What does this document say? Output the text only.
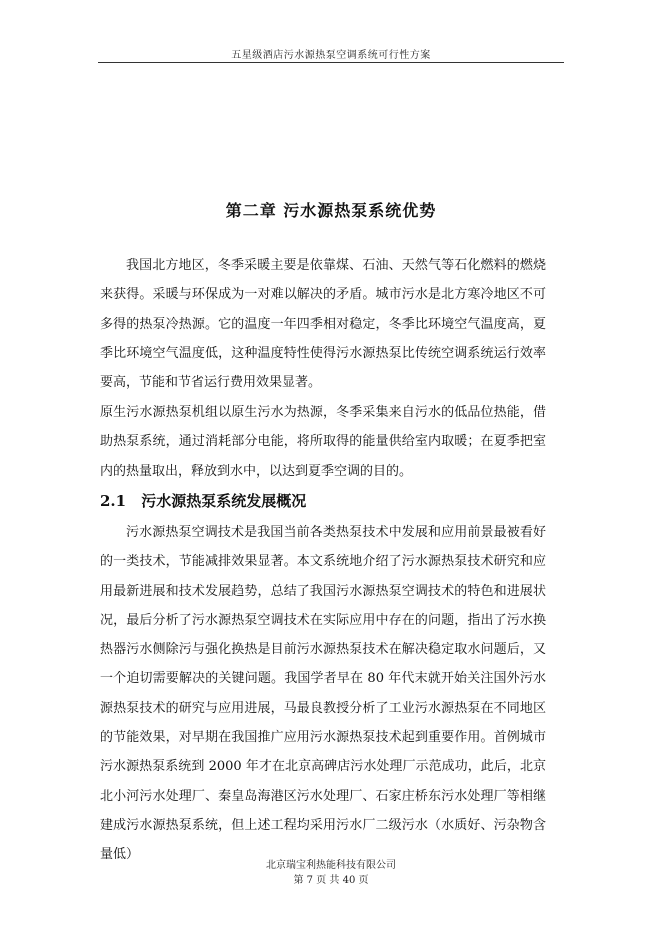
五星级酒店污水源热泵空调系统可行性方案
第二章 污水源热泵系统优势

我国北方地区，冬季采暖主要是依靠煤、石油、天然气等石化燃料的燃烧来获得。采暖与环保成为一对难以解决的矛盾。城市污水是北方寒冷地区不可多得的热泵冷热源。它的温度一年四季相对稳定，冬季比环境空气温度高，夏季比环境空气温度低，这种温度特性使得污水源热泵比传统空调系统运行效率要高，节能和节省运行费用效果显著。

原生污水源热泵机组以原生污水为热源，冬季采集来自污水的低品位热能，借助热泵系统，通过消耗部分电能，将所取得的能量供给室内取暖；在夏季把室内的热量取出，释放到水中，以达到夏季空调的目的。

2.1 污水源热泵系统发展概况

污水源热泵空调技术是我国当前各类热泵技术中发展和应用前景最被看好的一类技术，节能减排效果显著。本文系统地介绍了污水源热泵技术研究和应用最新进展和技术发展趋势，总结了我国污水源热泵空调技术的特色和进展状况，最后分析了污水源热泵空调技术在实际应用中存在的问题，指出了污水换热器污水侧除污与强化换热是目前污水源热泵技术在解决稳定取水问题后，又一个迫切需要解决的关键问题。我国学者早在 80 年代末就开始关注国外污水源热泵技术的研究与应用进展，马最良教授分析了工业污水源热泵在不同地区的节能效果，对早期在我国推广应用污水源热泵技术起到重要作用。首例城市污水源热泵系统到 2000 年才在北京高碑店污水处理厂示范成功，此后，北京北小河污水处理厂、秦皇岛海港区污水处理厂、石家庄桥东污水处理厂等相继建成污水源热泵系统，但上述工程均采用污水厂二级污水（水质好、污杂物含量低）

北京瑞宝利热能科技有限公司
第 7 页 共 40 页
